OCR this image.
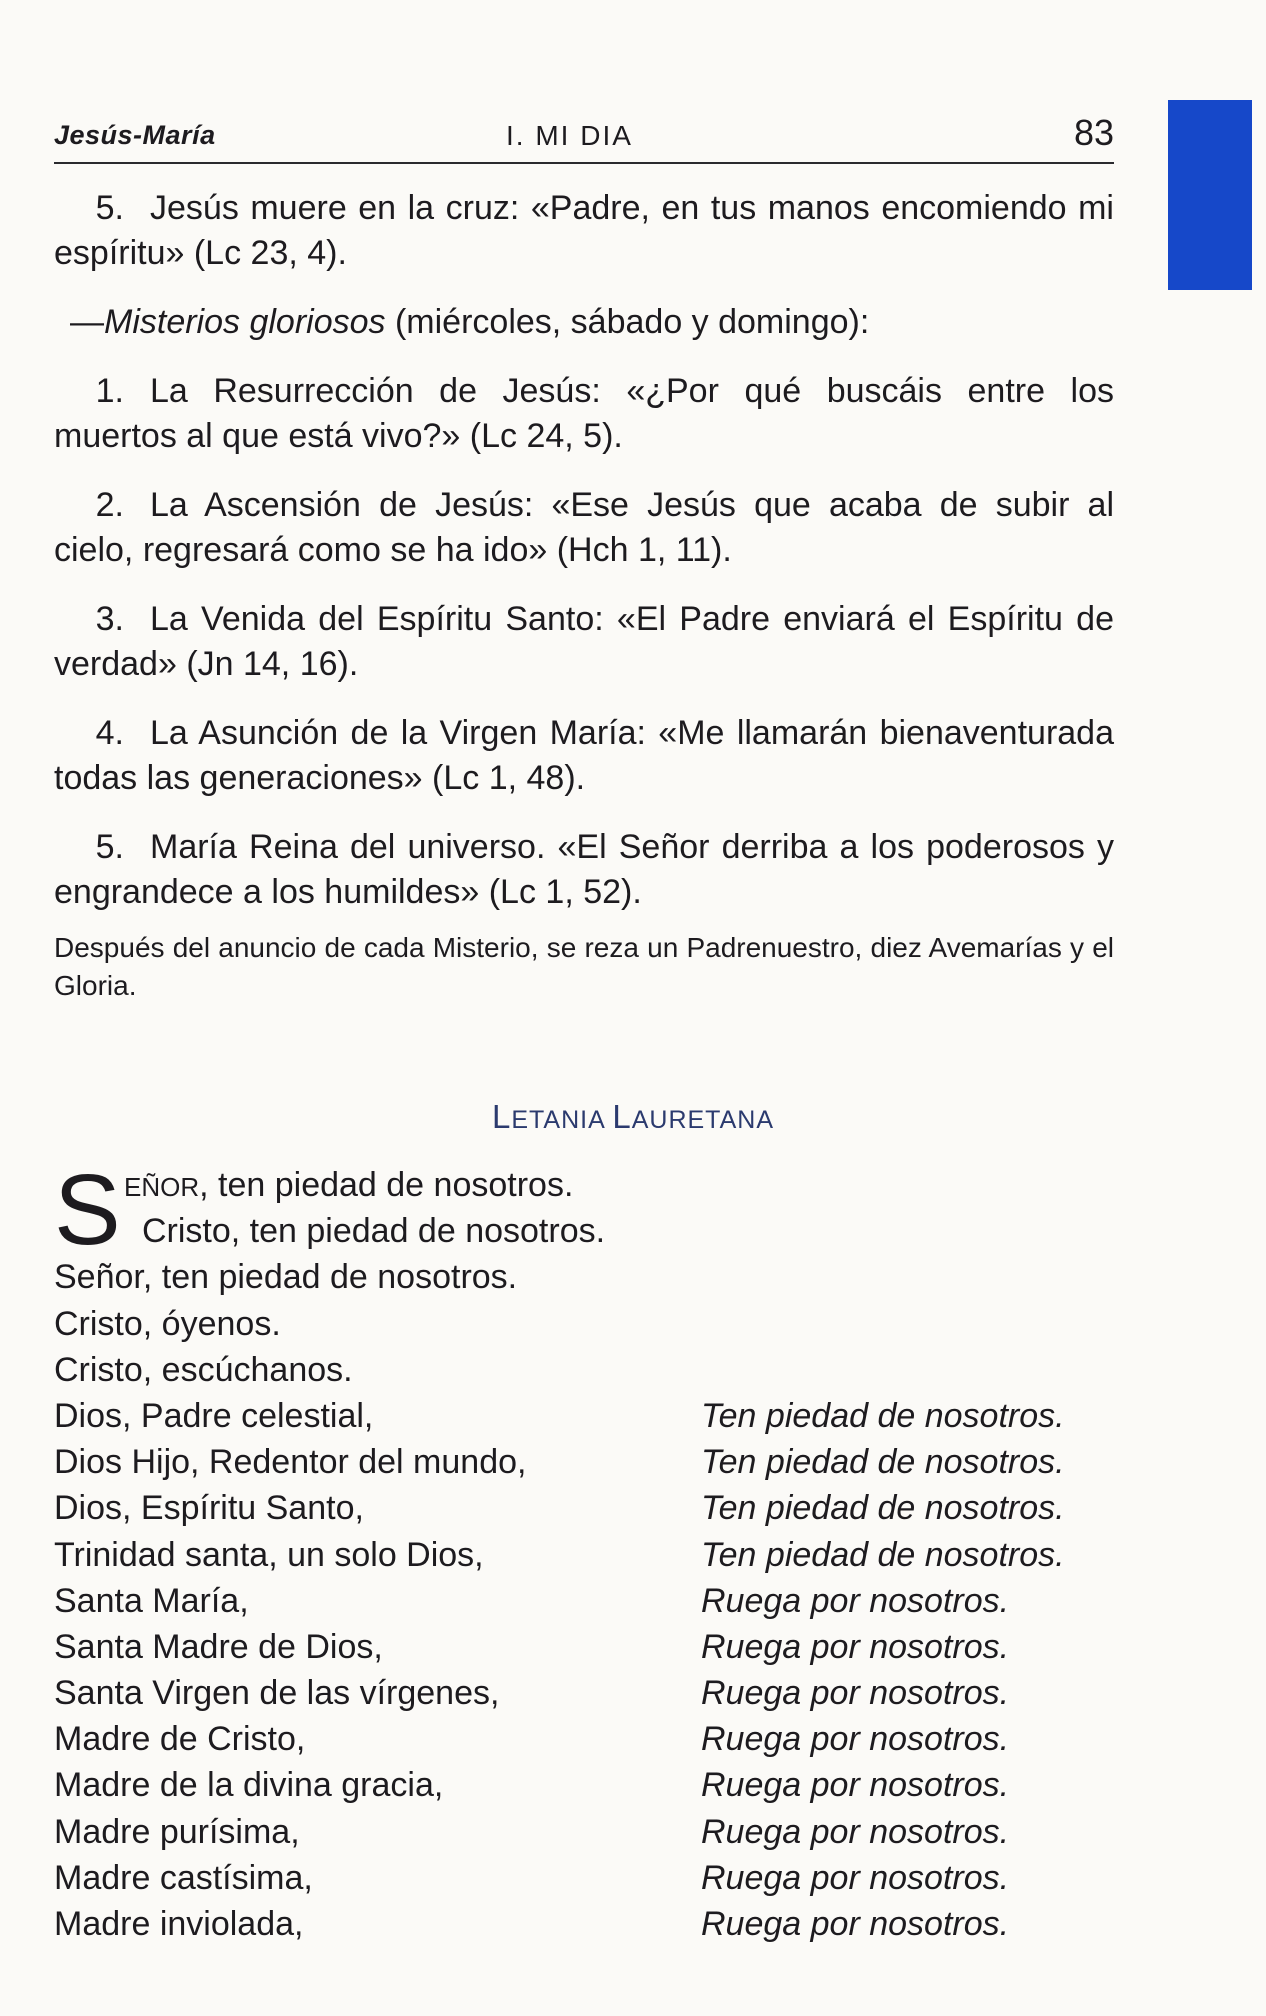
Jesús-María	I. MI DIA	83

5. Jesús muere en la cruz: «Padre, en tus manos encomiendo mi espíritu» (Lc 23, 4).

—Misterios gloriosos (miércoles, sábado y domingo):

1. La Resurrección de Jesús: «¿Por qué buscáis entre los muertos al que está vivo?» (Lc 24, 5).

2. La Ascensión de Jesús: «Ese Jesús que acaba de subir al cielo, regresará como se ha ido» (Hch 1, 11).

3. La Venida del Espíritu Santo: «El Padre enviará el Espíritu de verdad» (Jn 14, 16).

4. La Asunción de la Virgen María: «Me llamarán bienaventurada todas las generaciones» (Lc 1, 48).

5. María Reina del universo. «El Señor derriba a los poderosos y engrandece a los humildes» (Lc 1, 52).

Después del anuncio de cada Misterio, se reza un Padrenuestro, diez Avemarías y el Gloria.

LETANIA LAURETANA
S EÑOR, ten piedad de nosotros.
Cristo, ten piedad de nosotros.
Señor, ten piedad de nosotros.
Cristo, óyenos.
Cristo, escúchanos.
Dios, Padre celestial,	Ten piedad de nosotros.
Dios Hijo, Redentor del mundo,	Ten piedad de nosotros.
Dios, Espíritu Santo,	Ten piedad de nosotros.
Trinidad santa, un solo Dios,	Ten piedad de nosotros.
Santa María,	Ruega por nosotros.
Santa Madre de Dios,	Ruega por nosotros.
Santa Virgen de las vírgenes,	Ruega por nosotros.
Madre de Cristo,	Ruega por nosotros.
Madre de la divina gracia,	Ruega por nosotros.
Madre purísima,	Ruega por nosotros.
Madre castísima,	Ruega por nosotros.
Madre inviolada,	Ruega por nosotros.
